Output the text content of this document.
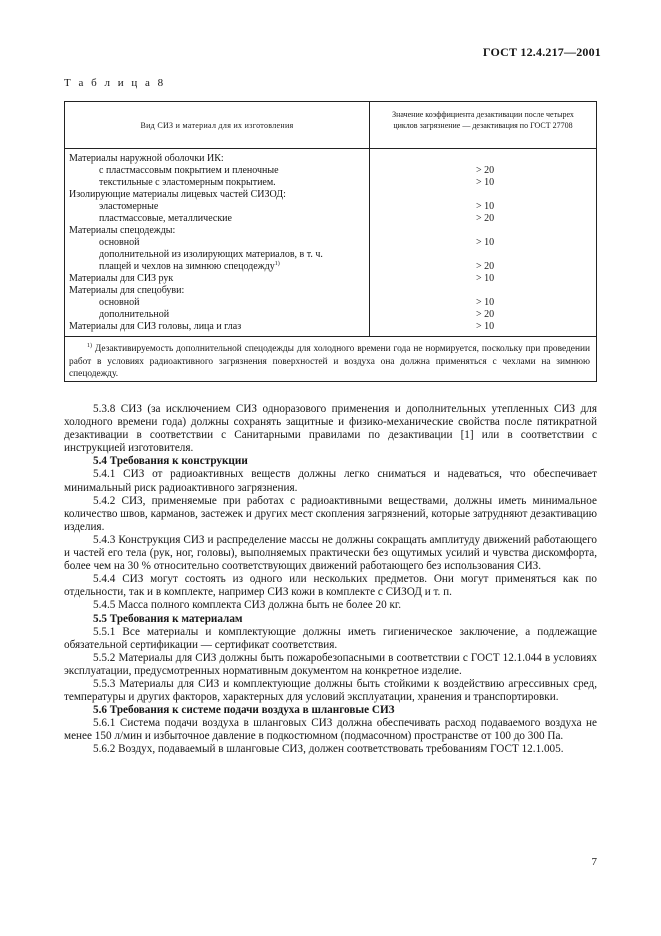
ГОСТ 12.4.217—2001
Т а б л и ц а 8
Вид СИЗ и материал для их изготовления
Значение коэффициента дезактивации после четырех циклов загрязнение — дезактивация по ГОСТ 27708
Материалы наружной оболочки ИК:
с пластмассовым покрытием и пленочные	> 20
текстильные с эластомерным покрытием.	> 10
Изолирующие материалы лицевых частей СИЗОД:
эластомерные	> 10
пластмассовые, металлические	> 20
Материалы спецодежды:
основной	> 10
дополнительной из изолирующих материалов, в т. ч.
плащей и чехлов на зимнюю спецодежду$^{1)}$	> 20
Материалы для СИЗ рук	> 10
Материалы для спецобуви:
основной	> 10
дополнительной	> 20
Материалы для СИЗ головы, лица и глаз	> 10
$^{1)}$ Дезактивируемость дополнительной спецодежды для холодного времени года не нормируется, поскольку при проведении работ в условиях радиоактивного загрязнения поверхностей и воздуха она должна применяться с чехлами на зимнюю спецодежду.

5.3.8 СИЗ (за исключением СИЗ одноразового применения и дополнительных утепленных СИЗ для холодного времени года) должны сохранять защитные и физико-механические свойства после пятикратной дезактивации в соответствии с Санитарными правилами по дезактивации [1] или в соответствии с инструкцией изготовителя.

5.4 Требования к конструкции

5.4.1 СИЗ от радиоактивных веществ должны легко сниматься и надеваться, что обеспечивает минимальный риск радиоактивного загрязнения.

5.4.2 СИЗ, применяемые при работах с радиоактивными веществами, должны иметь минимальное количество швов, карманов, застежек и других мест скопления загрязнений, которые затрудняют дезактивацию изделия.

5.4.3 Конструкция СИЗ и распределение массы не должны сокращать амплитуду движений работающего и частей его тела (рук, ног, головы), выполняемых практически без ощутимых усилий и чувства дискомфорта, более чем на 30 % относительно соответствующих движений работающего без использования СИЗ.

5.4.4 СИЗ могут состоять из одного или нескольких предметов. Они могут применяться как по отдельности, так и в комплекте, например СИЗ кожи в комплекте с СИЗОД и т. п.

5.4.5 Масса полного комплекта СИЗ должна быть не более 20 кг.

5.5 Требования к материалам

5.5.1 Все материалы и комплектующие должны иметь гигиеническое заключение, а подлежащие обязательной сертификации — сертификат соответствия.

5.5.2 Материалы для СИЗ должны быть пожаробезопасными в соответствии с ГОСТ 12.1.044 в условиях эксплуатации, предусмотренных нормативным документом на конкретное изделие.

5.5.3 Материалы для СИЗ и комплектующие должны быть стойкими к воздействию агрессивных сред, температуры и других факторов, характерных для условий эксплуатации, хранения и транспортировки.

5.6 Требования к системе подачи воздуха в шланговые СИЗ

5.6.1 Система подачи воздуха в шланговых СИЗ должна обеспечивать расход подаваемого воздуха не менее 150 л/мин и избыточное давление в подкостюмном (подмасочном) пространстве от 100 до 300 Па.

5.6.2 Воздух, подаваемый в шланговые СИЗ, должен соответствовать требованиям ГОСТ 12.1.005.

7
